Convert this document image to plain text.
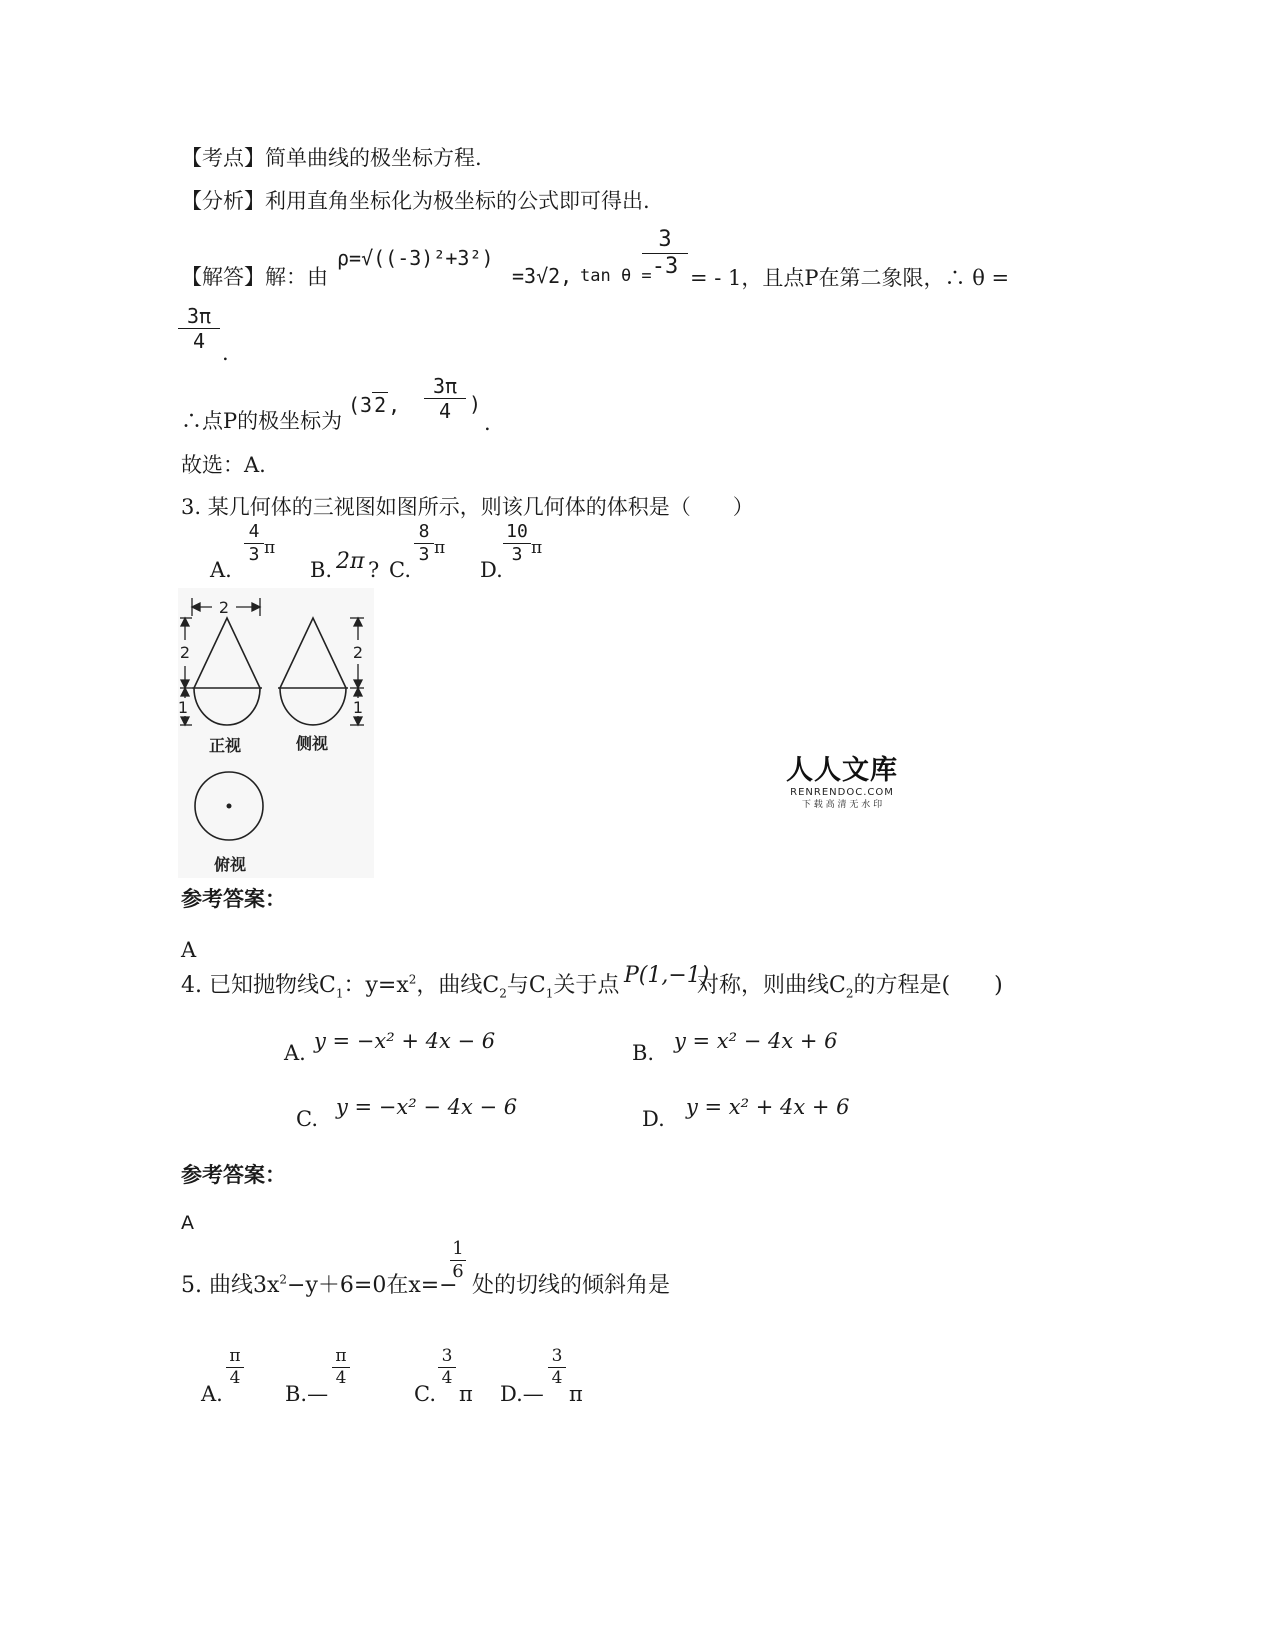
【考点】简单曲线的极坐标方程.
【分析】利用直角坐标化为极坐标的公式即可得出.
【解答】解：由
ρ=√((-3)²+3²)
=3√2, tan θ =
3
-3 = - 1，且点P在第二象限，∴ θ =
3π
4 .
∴点P的极坐标为
(3 2 ,
3π
4 )
.
故选：A.
3. 某几何体的三视图如图所示，则该几何体的体积是（　　）
A.
4
3 π
B. 2π ? C.
8
3 π
D.
10
3 π
2
2
1
2
1
正视	侧视
俯视
人人文库
RENRENDOC.COM
下 载 高 清 无 水 印
参考答案：
A
4. 已知抛物线$C_1$：$y=x^2$，曲线$C_2$与$C_1$关于点 P(1,−1)
对称，则曲线$C_2$的方程是(　　)
A. y = −x² + 4x − 6	B. y = x² − 4x + 6
C. y = −x² − 4x − 6	D. y = x² + 4x + 6
参考答案：
A
5. 曲线$3x^2-y+6=0$在x=−
1
6
处的切线的倾斜角是
A.
π
4
B.—
π
4
C.
3
4
π D.—
3
4
π
